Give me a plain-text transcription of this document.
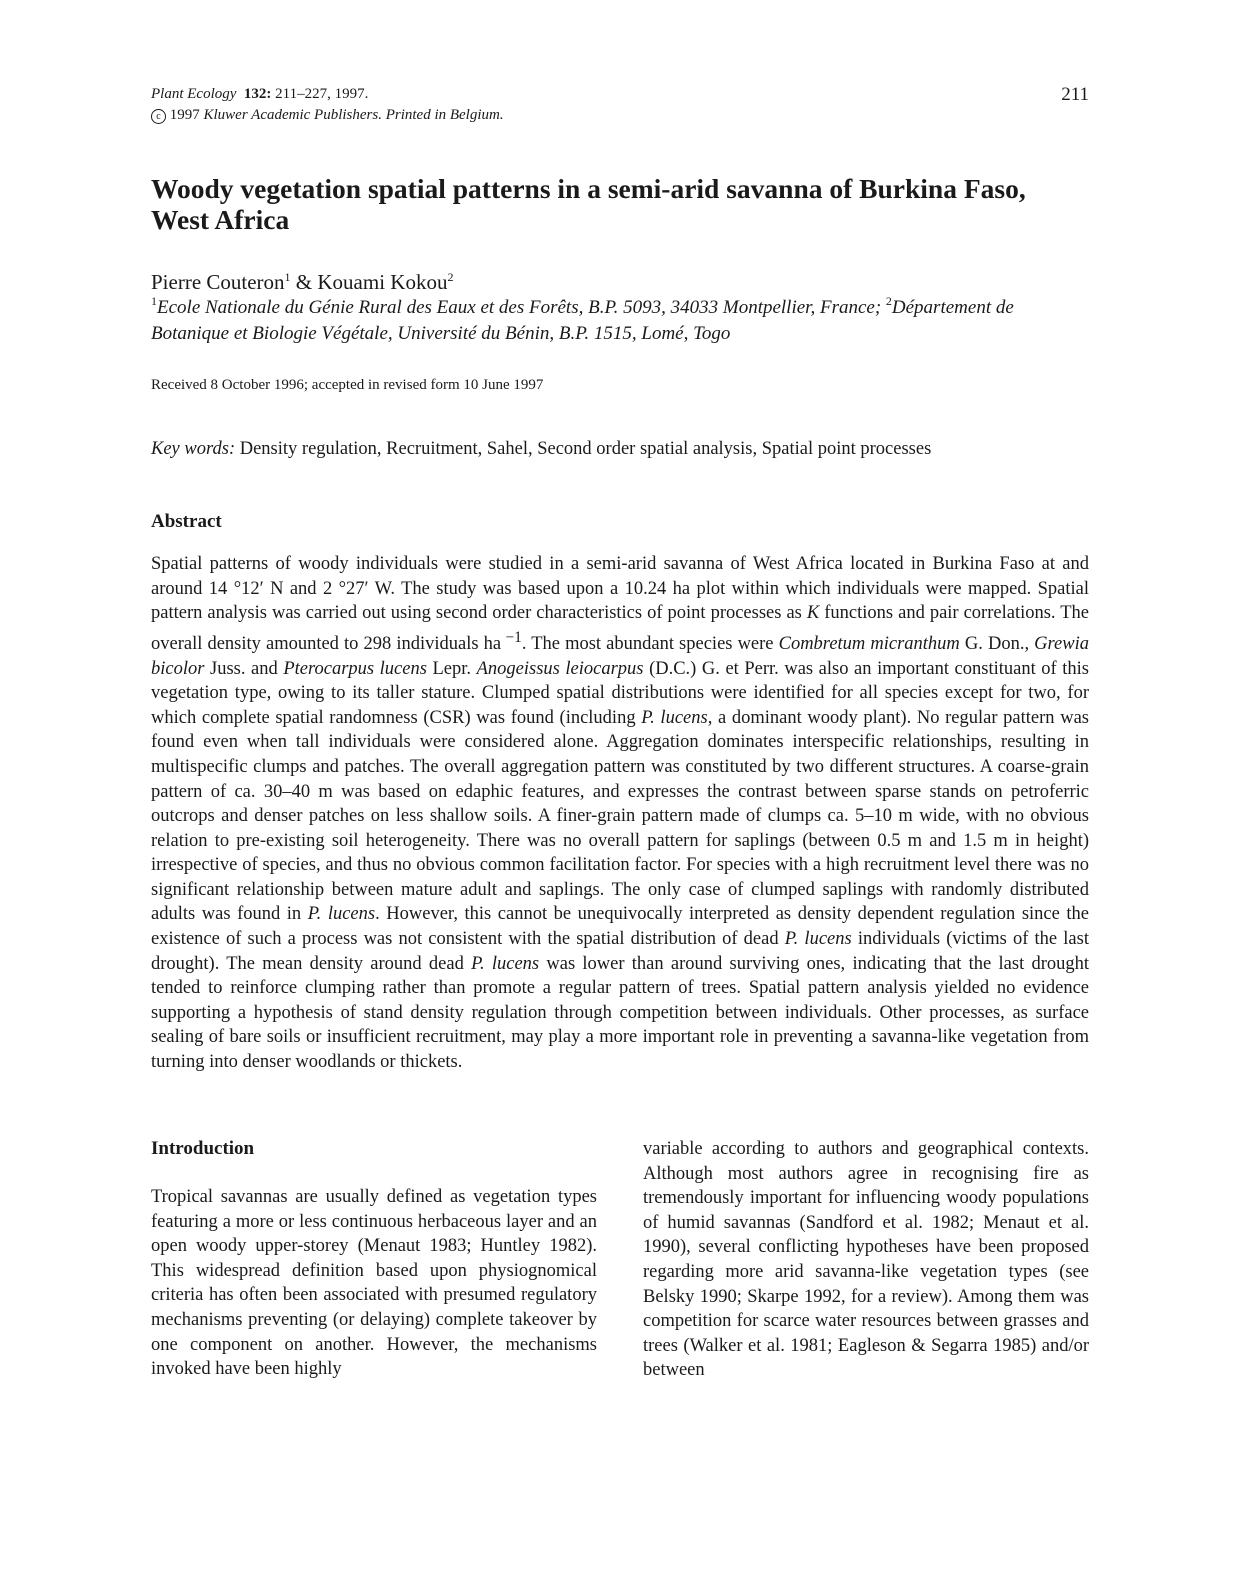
Plant Ecology 132: 211–227, 1997.
c 1997 Kluwer Academic Publishers. Printed in Belgium.
211
Woody vegetation spatial patterns in a semi-arid savanna of Burkina Faso, West Africa
Pierre Couteron$^1$ & Kouami Kokou$^2$
$^1$Ecole Nationale du Génie Rural des Eaux et des Forêts, B.P. 5093, 34033 Montpellier, France; $^2$Département de Botanique et Biologie Végétale, Université du Bénin, B.P. 1515, Lomé, Togo
Received 8 October 1996; accepted in revised form 10 June 1997
Key words: Density regulation, Recruitment, Sahel, Second order spatial analysis, Spatial point processes
Abstract
Spatial patterns of woody individuals were studied in a semi-arid savanna of West Africa located in Burkina Faso at and around 14 °12′ N and 2 °27′ W. The study was based upon a 10.24 ha plot within which individuals were mapped. Spatial pattern analysis was carried out using second order characteristics of point processes as K functions and pair correlations. The overall density amounted to 298 individuals ha $^{-1}$. The most abundant species were Combretum micranthum G. Don., Grewia bicolor Juss. and Pterocarpus lucens Lepr. Anogeissus leiocarpus (D.C.) G. et Perr. was also an important constituant of this vegetation type, owing to its taller stature. Clumped spatial distributions were identified for all species except for two, for which complete spatial randomness (CSR) was found (including P. lucens, a dominant woody plant). No regular pattern was found even when tall individuals were considered alone. Aggregation dominates interspecific relationships, resulting in multispecific clumps and patches. The overall aggregation pattern was constituted by two different structures. A coarse-grain pattern of ca. 30–40 m was based on edaphic features, and expresses the contrast between sparse stands on petroferric outcrops and denser patches on less shallow soils. A finer-grain pattern made of clumps ca. 5–10 m wide, with no obvious relation to pre-existing soil heterogeneity. There was no overall pattern for saplings (between 0.5 m and 1.5 m in height) irrespective of species, and thus no obvious common facilitation factor. For species with a high recruitment level there was no significant relationship between mature adult and saplings. The only case of clumped saplings with randomly distributed adults was found in P. lucens. However, this cannot be unequivocally interpreted as density dependent regulation since the existence of such a process was not consistent with the spatial distribution of dead P. lucens individuals (victims of the last drought). The mean density around dead P. lucens was lower than around surviving ones, indicating that the last drought tended to reinforce clumping rather than promote a regular pattern of trees. Spatial pattern analysis yielded no evidence supporting a hypothesis of stand density regulation through competition between individuals. Other processes, as surface sealing of bare soils or insufficient recruitment, may play a more important role in preventing a savanna-like vegetation from turning into denser woodlands or thickets.
Introduction
Tropical savannas are usually defined as vegetation types featuring a more or less continuous herbaceous layer and an open woody upper-storey (Menaut 1983; Huntley 1982). This widespread definition based upon physiognomical criteria has often been associated with presumed regulatory mechanisms preventing (or delaying) complete takeover by one component on another. However, the mechanisms invoked have been highly
variable according to authors and geographical contexts. Although most authors agree in recognising fire as tremendously important for influencing woody populations of humid savannas (Sandford et al. 1982; Menaut et al. 1990), several conflicting hypotheses have been proposed regarding more arid savanna-like vegetation types (see Belsky 1990; Skarpe 1992, for a review). Among them was competition for scarce water resources between grasses and trees (Walker et al. 1981; Eagleson & Segarra 1985) and/or between
